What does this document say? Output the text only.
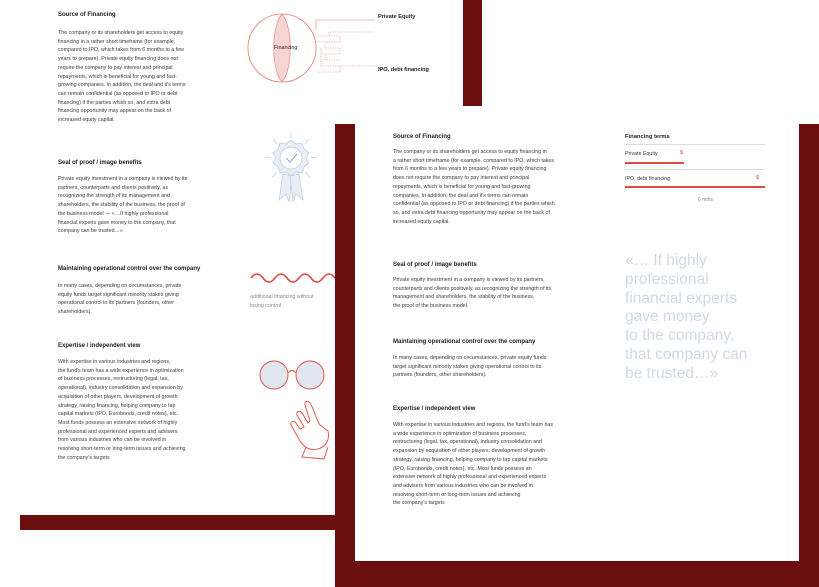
Source of Financing
The company or its shareholders get access to equity
financing in a rather short timeframe (for example,
compared to IPO, which takes from 6 months to a few
years to prepare). Private equity financing does not
require the company to pay interest and principal
repayments, which is beneficial for young and fast-
growing companies. In addition, the deal and it's terms
can remain confidential (as opposed to IPO or debt
financing) if the parties whish so, and extra debt
financing opportunity may appear on the back of
increased equity capital.
Seal of proof / image benefits
Private equity investment in a company is viewed by its
partners, counterparts and clients positively, as
recognizing the strength of its management and
shareholders, the stability of the business, the proof of
the business model — «…If highly professional
financial experts gave money to the company, that
company can be trusted…»
Maintaining operational control over the company
In many cases, depending on circumstances, private
equity funds target significant minority stakes giving
operational control to its partners (founders, other
shareholders).
Expertise / independent view
With expertise in various industries and regions,
the fund's team has a wide experience in optimization
of business processes, restructuring (legal, tax,
operational), industry consolidation and expansion by
acquisition of other players, development of growth
strategy, raising financing, helping company to tap
capital markets (IPO, Eurobonds, credit notes), etc.
Most funds possess an extensive network of highly
professional and experienced experts and advisers
from various industries who can be involved in
resolving short-term or long-term issues and achieving
the company's targets
Financing
Private Equity
IPO, debt financing
additional financing without
losing control
Source of Financing
The company or its shareholders get access to equity financing in
a rather short timeframe (for example, compared to IPO, which takes
from 6 months to a few years to prepare). Private equity financing
does not require the company to pay interest and principal
repayments, which is beneficial for young and fast-growing
companies. In addition, the deal and it's terms can remain
confidential (as opposed to IPO or debt financing) if the parties whish
so, and extra debt financing opportunity may appear on the back of
increased equity capital.
Seal of proof / image benefits
Private equity investment in a company is viewed by its partners,
counterparts and clients positively, as recognizing the strength of its
management and shareholders, the stability of the business,
the proof of the business model.
Maintaining operational control over the company
In many cases, depending on circumstances, private equity funds
target significant minority stakes giving operational control to its
partners (founders, other shareholders).
Expertise / independent view
With expertise in various industries and regions, the fund's team has
a wide experience in optimization of business processes,
restructuring (legal, tax, operational), industry consolidation and
expansion by acquisition of other players, development of growth
strategy, raising financing, helping company to tap capital markets
(IPO, Eurobonds, credit notes), etc. Most funds possess an
extensive network of highly professional and experienced experts
and advisers from various industries who can be involved in
resolving short-term or long-term issues and achieving
the company's targets
Financing terms
Private Equity	$
IPO, debt financing	$
6 mths
«… If highly
professional
financial experts
gave money
to the company,
that company can
be trusted…»
